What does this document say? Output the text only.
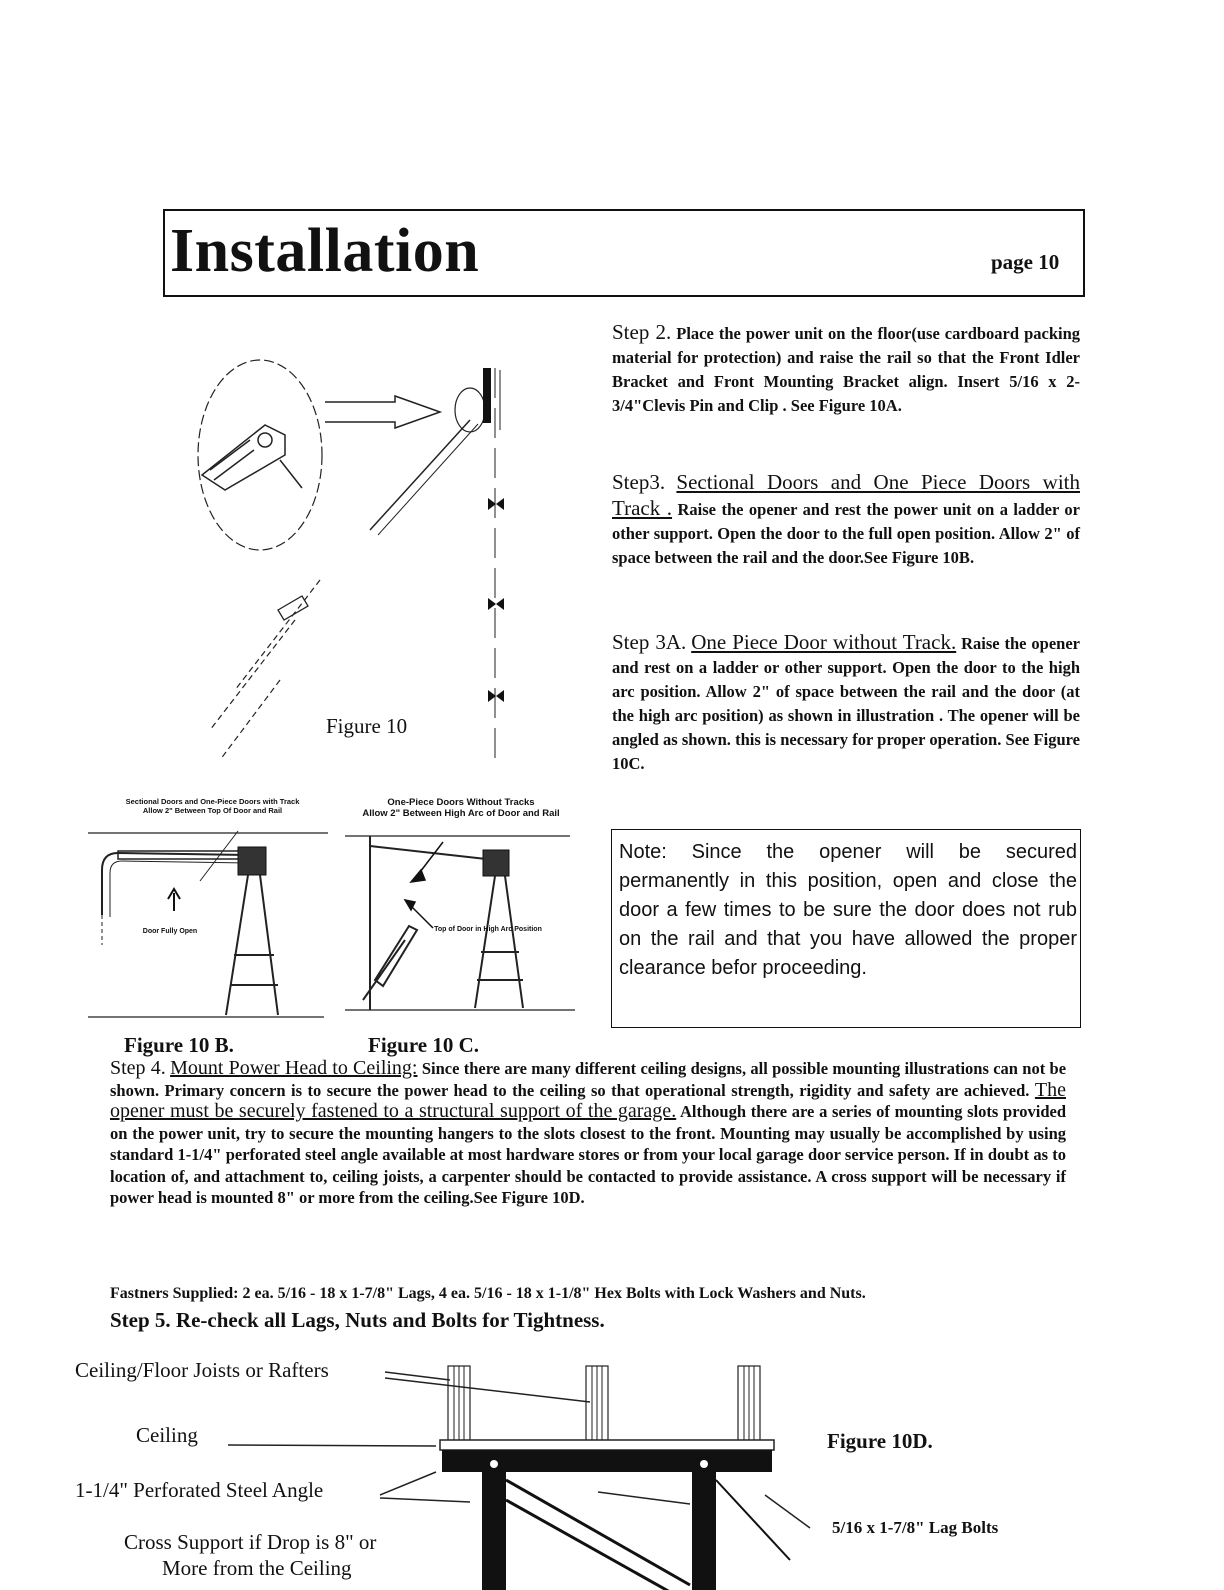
Installation	page 10
Figure 10
Step 2. Place the power unit on the floor(use cardboard packing material for protection) and raise the rail so that the Front Idler Bracket and Front Mounting Bracket align. Insert 5/16 x 2-3/4"Clevis Pin and Clip . See Figure 10A.
Step3. Sectional Doors and One Piece Doors with Track . Raise the opener and rest the power unit on a ladder or other support. Open the door to the full open position. Allow 2" of space between the rail and the door.See Figure 10B.
Step 3A. One Piece Door without Track. Raise the opener and rest on a ladder or other support. Open the door to the high arc position. Allow 2" of space between the rail and the door (at the high arc position) as shown in illustration . The opener will be angled as shown. this is necessary for proper operation. See Figure 10C.
Note: Since the opener will be secured permanently in this position, open and close the door a few times to be sure the door does not rub on the rail and that you have allowed the proper clearance befor proceeding.
Sectional Doors and One-Piece Doors with Track
Allow 2" Between Top Of Door and Rail
Door Fully Open
Figure 10 B.
One-Piece Doors Without Tracks
Allow 2" Between High Arc of Door and Rail
Top of Door in High Arc Position
Figure 10 C.
Step 4. Mount Power Head to Ceiling: Since there are many different ceiling designs, all possible mounting illustrations can not be shown. Primary concern is to secure the power head to the ceiling so that operational strength, rigidity and safety are achieved. The opener must be securely fastened to a structural support of the garage. Although there are a series of mounting slots provided on the power unit, try to secure the mounting hangers to the slots closest to the front. Mounting may usually be accomplished by using standard 1-1/4" perforated steel angle available at most hardware stores or from your local garage door service person. If in doubt as to location of, and attachment to, ceiling joists, a carpenter should be contacted to provide assistance. A cross support will be necessary if power head is mounted 8" or more from the ceiling.See Figure 10D.
Fastners Supplied: 2 ea. 5/16 - 18 x 1-7/8" Lags, 4 ea. 5/16 - 18 x 1-1/8" Hex Bolts with Lock Washers and Nuts.
Step 5. Re-check all Lags, Nuts and Bolts for Tightness.
Ceiling/Floor Joists or Rafters
Ceiling
1-1/4" Perforated Steel Angle
Cross Support if Drop is 8" or
More from the Ceiling
Figure 10D.
5/16 x 1-7/8" Lag Bolts
